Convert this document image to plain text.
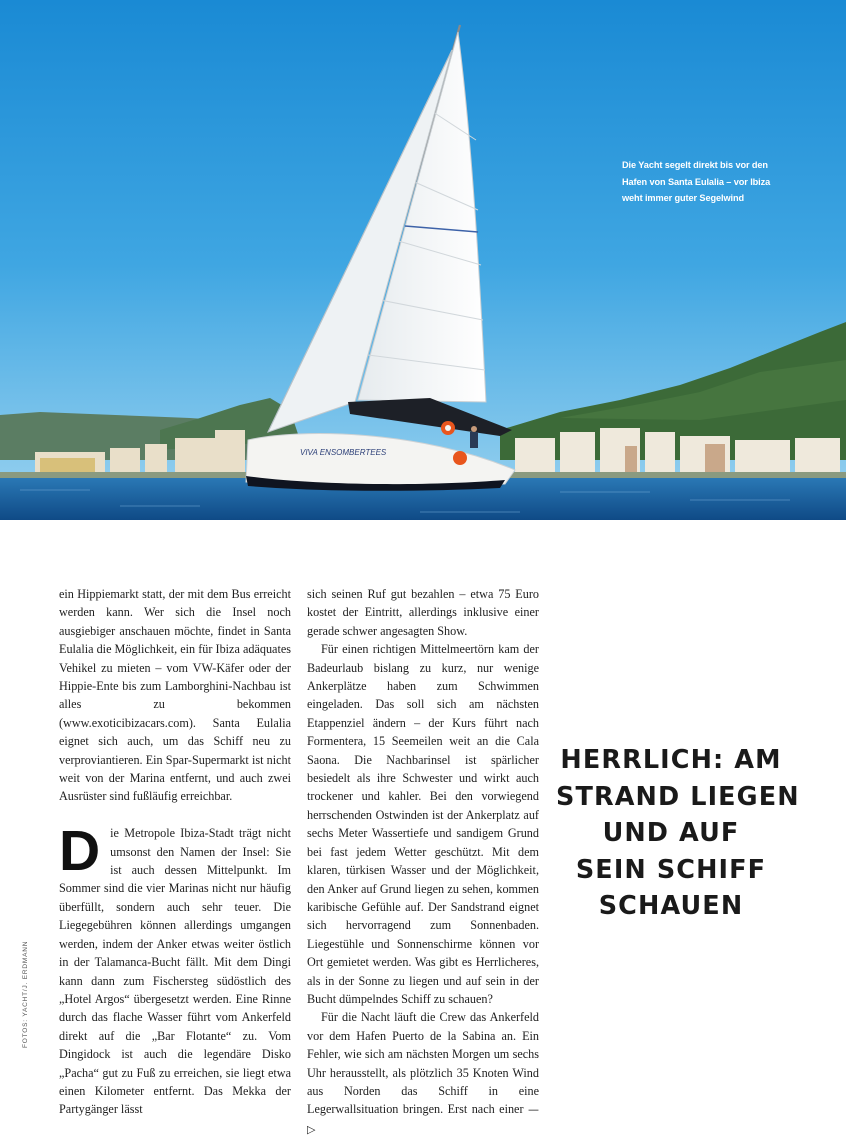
VIVA ENSOMBERTEES
Die Yacht segelt direkt bis vor den
Hafen von Santa Eulalia – vor Ibiza
weht immer guter Segelwind

ein Hippiemarkt statt, der mit dem Bus erreicht werden kann. Wer sich die Insel noch ausgiebiger anschauen möchte, findet in Santa Eulalia die Möglichkeit, ein für Ibiza adäquates Vehikel zu mieten – vom VW-Käfer oder der Hippie-Ente bis zum Lamborghini-Nachbau ist alles zu bekommen (www.exoticibizacars.com). Santa Eulalia eignet sich auch, um das Schiff neu zu verproviantieren. Ein Spar-Supermarkt ist nicht weit von der Marina entfernt, und auch zwei Ausrüster sind fußläufig erreichbar.

Die Metropole Ibiza-Stadt trägt nicht umsonst den Namen der Insel: Sie ist auch dessen Mittelpunkt. Im Sommer sind die vier Marinas nicht nur häufig überfüllt, sondern auch sehr teuer. Die Liegegebühren können allerdings umgangen werden, indem der Anker etwas weiter östlich in der Talamanca-Bucht fällt. Mit dem Dingi kann dann zum Fischersteg südöstlich des „Hotel Argos“ übergesetzt werden. Eine Rinne durch das flache Wasser führt vom Ankerfeld direkt auf die „Bar Flotante“ zu. Vom Dingidock ist auch die legendäre Disko „Pacha“ gut zu Fuß zu erreichen, sie liegt etwa einen Kilometer entfernt. Das Mekka der Partygänger lässt

sich seinen Ruf gut bezahlen – etwa 75 Euro kostet der Eintritt, allerdings inklusive einer gerade schwer angesagten Show.

Für einen richtigen Mittelmeertörn kam der Badeurlaub bislang zu kurz, nur wenige Ankerplätze haben zum Schwimmen eingeladen. Das soll sich am nächsten Etappenziel ändern – der Kurs führt nach Formentera, 15 Seemeilen weit an die Cala Saona. Die Nachbarinsel ist spärlicher besiedelt als ihre Schwester und wirkt auch trockener und kahler. Bei den vorwiegend herrschenden Ostwinden ist der Ankerplatz auf sechs Meter Wassertiefe und sandigem Grund bei fast jedem Wetter geschützt. Mit dem klaren, türkisen Wasser und der Möglichkeit, den Anker auf Grund liegen zu sehen, kommen karibische Gefühle auf. Der Sandstrand eignet sich hervorragend zum Sonnenbaden. Liegestühle und Sonnenschirme können vor Ort gemietet werden. Was gibt es Herrlicheres, als in der Sonne zu liegen und auf sein in der Bucht dümpelndes Schiff zu schauen?

Für die Nacht läuft die Crew das Ankerfeld vor dem Hafen Puerto de la Sabina an. Ein Fehler, wie sich am nächsten Morgen um sechs Uhr herausstellt, als plötzlich 35 Knoten Wind aus Norden das Schiff in eine Legerwallsituation bringen. Erst nach einer —▷

HERRLICH: AM
STRAND LIEGEN
UND AUF
SEIN SCHIFF
SCHAUEN
FOTOS: YACHT/J. ERDMANN
